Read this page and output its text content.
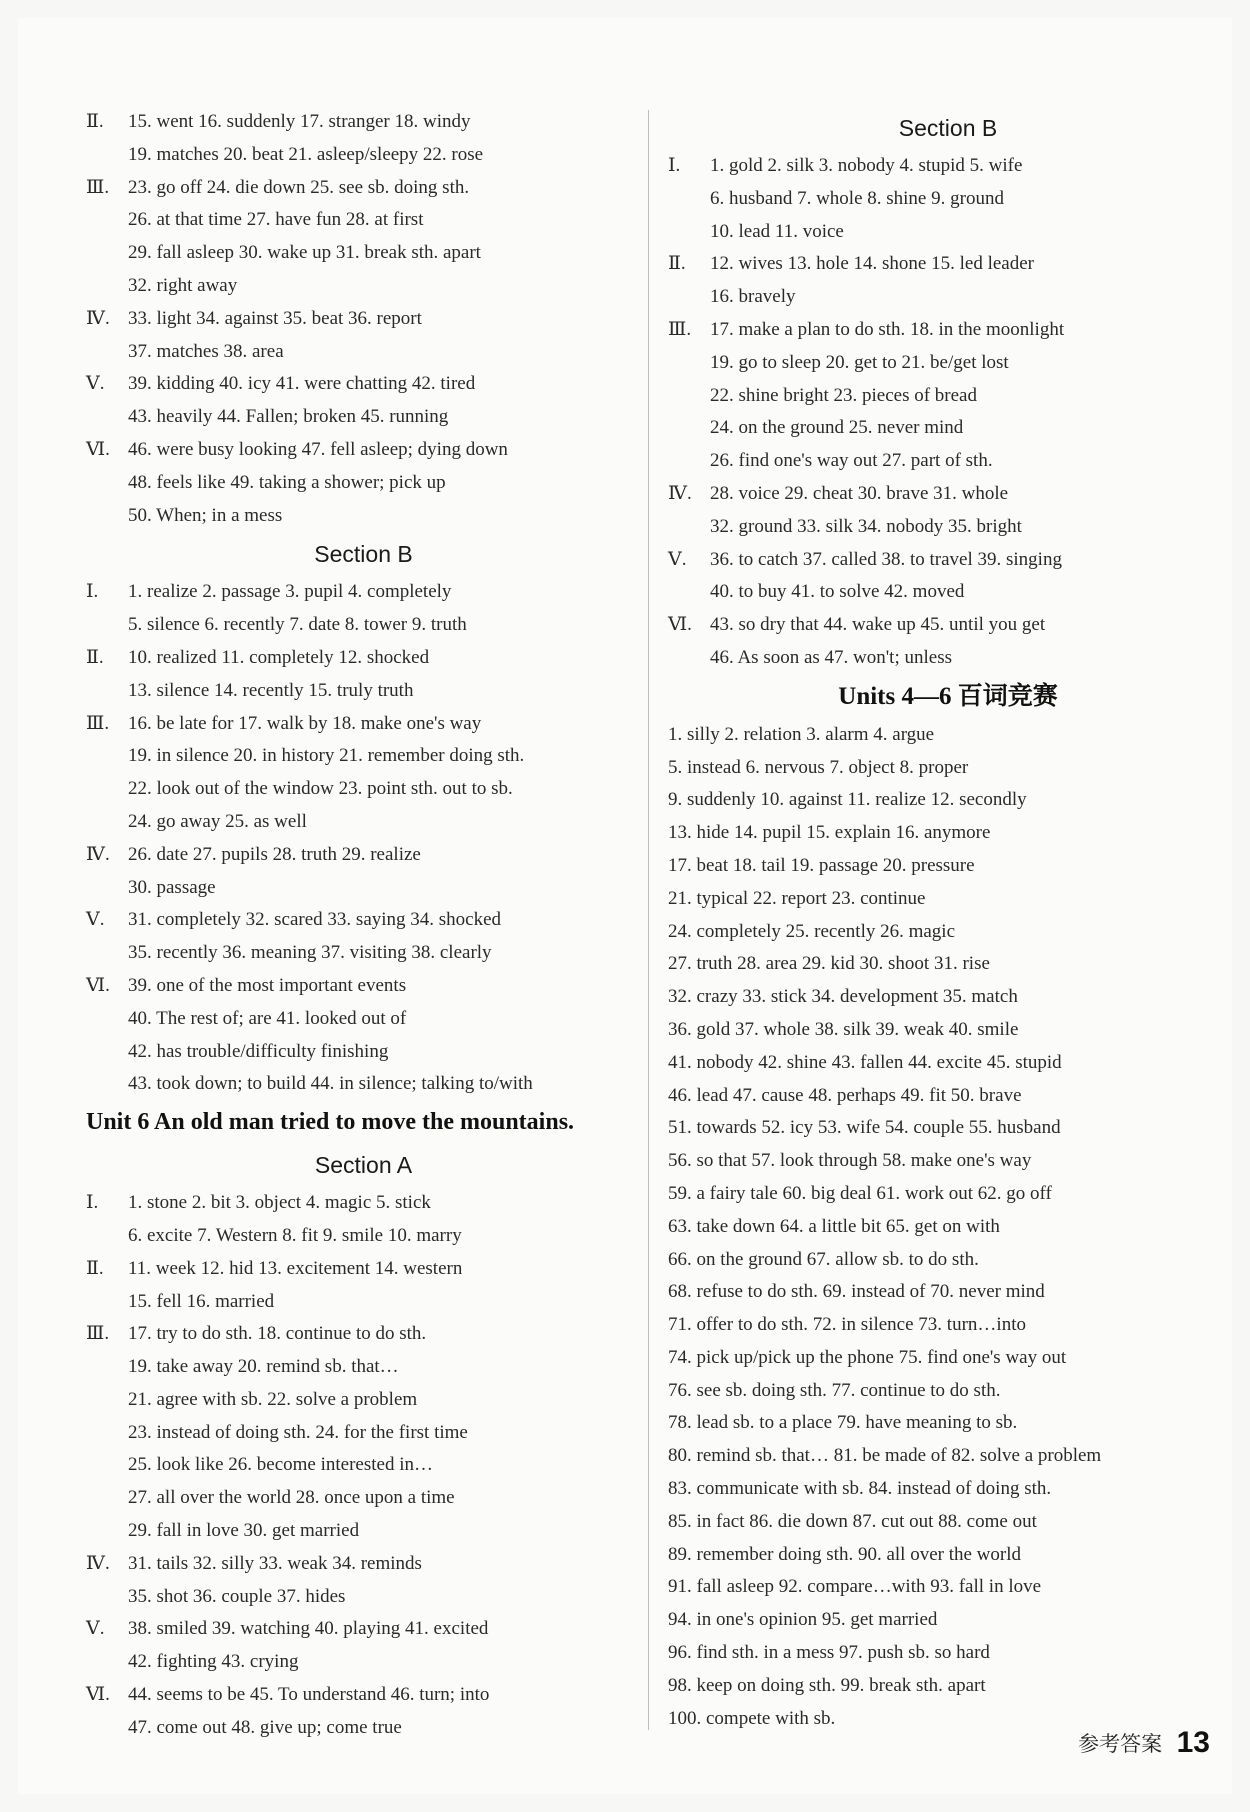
Ⅱ.	15. went 16. suddenly 17. stranger 18. windy
19. matches 20. beat 21. asleep/sleepy 22. rose
Ⅲ. 23. go off 24. die down 25. see sb. doing sth.
26. at that time 27. have fun 28. at first
29. fall asleep 30. wake up 31. break sth. apart
32. right away
Ⅳ. 33. light 34. against 35. beat 36. report
37. matches 38. area
Ⅴ.	39. kidding 40. icy 41. were chatting 42. tired
43. heavily 44. Fallen; broken 45. running
Ⅵ. 46. were busy looking 47. fell asleep; dying down
48. feels like 49. taking a shower; pick up
50. When; in a mess
Section B
Ⅰ.	1. realize 2. passage 3. pupil 4. completely
5. silence 6. recently 7. date 8. tower 9. truth
Ⅱ.	10. realized 11. completely 12. shocked
13. silence 14. recently 15. truly truth
Ⅲ. 16. be late for 17. walk by 18. make one's way
19. in silence 20. in history 21. remember doing sth.
22. look out of the window 23. point sth. out to sb.
24. go away 25. as well
Ⅳ. 26. date 27. pupils 28. truth 29. realize
30. passage
Ⅴ.	31. completely 32. scared 33. saying 34. shocked
35. recently 36. meaning 37. visiting 38. clearly
Ⅵ. 39. one of the most important events
40. The rest of; are 41. looked out of
42. has trouble/difficulty finishing
43. took down; to build 44. in silence; talking to/with
Unit 6 An old man tried to move the mountains.
Section A
Ⅰ.	1. stone 2. bit 3. object 4. magic 5. stick
6. excite 7. Western 8. fit 9. smile 10. marry
Ⅱ.	11. week 12. hid 13. excitement 14. western
15. fell 16. married
Ⅲ. 17. try to do sth. 18. continue to do sth.
19. take away 20. remind sb. that…
21. agree with sb. 22. solve a problem
23. instead of doing sth. 24. for the first time
25. look like 26. become interested in…
27. all over the world 28. once upon a time
29. fall in love 30. get married
Ⅳ. 31. tails 32. silly 33. weak 34. reminds
35. shot 36. couple 37. hides
Ⅴ.	38. smiled 39. watching 40. playing 41. excited
42. fighting 43. crying
Ⅵ. 44. seems to be 45. To understand 46. turn; into
47. come out 48. give up; come true
Section B
Ⅰ.	1. gold 2. silk 3. nobody 4. stupid 5. wife
6. husband 7. whole 8. shine 9. ground
10. lead 11. voice
Ⅱ.	12. wives 13. hole 14. shone 15. led leader
16. bravely
Ⅲ. 17. make a plan to do sth. 18. in the moonlight
19. go to sleep 20. get to 21. be/get lost
22. shine bright 23. pieces of bread
24. on the ground 25. never mind
26. find one's way out 27. part of sth.
Ⅳ. 28. voice 29. cheat 30. brave 31. whole
32. ground 33. silk 34. nobody 35. bright
Ⅴ.	36. to catch 37. called 38. to travel 39. singing
40. to buy 41. to solve 42. moved
Ⅵ. 43. so dry that 44. wake up 45. until you get
46. As soon as 47. won't; unless
Units 4—6 百词竞赛
1. silly 2. relation 3. alarm 4. argue
5. instead 6. nervous 7. object 8. proper
9. suddenly 10. against 11. realize 12. secondly
13. hide 14. pupil 15. explain 16. anymore
17. beat 18. tail 19. passage 20. pressure
21. typical 22. report 23. continue
24. completely 25. recently 26. magic
27. truth 28. area 29. kid 30. shoot 31. rise
32. crazy 33. stick 34. development 35. match
36. gold 37. whole 38. silk 39. weak 40. smile
41. nobody 42. shine 43. fallen 44. excite 45. stupid
46. lead 47. cause 48. perhaps 49. fit 50. brave
51. towards 52. icy 53. wife 54. couple 55. husband
56. so that 57. look through 58. make one's way
59. a fairy tale 60. big deal 61. work out 62. go off
63. take down 64. a little bit 65. get on with
66. on the ground 67. allow sb. to do sth.
68. refuse to do sth. 69. instead of 70. never mind
71. offer to do sth. 72. in silence 73. turn…into
74. pick up/pick up the phone 75. find one's way out
76. see sb. doing sth. 77. continue to do sth.
78. lead sb. to a place 79. have meaning to sb.
80. remind sb. that… 81. be made of 82. solve a problem
83. communicate with sb. 84. instead of doing sth.
85. in fact 86. die down 87. cut out 88. come out
89. remember doing sth. 90. all over the world
91. fall asleep 92. compare…with 93. fall in love
94. in one's opinion 95. get married
96. find sth. in a mess 97. push sb. so hard
98. keep on doing sth. 99. break sth. apart
100. compete with sb.
参考答案 13
